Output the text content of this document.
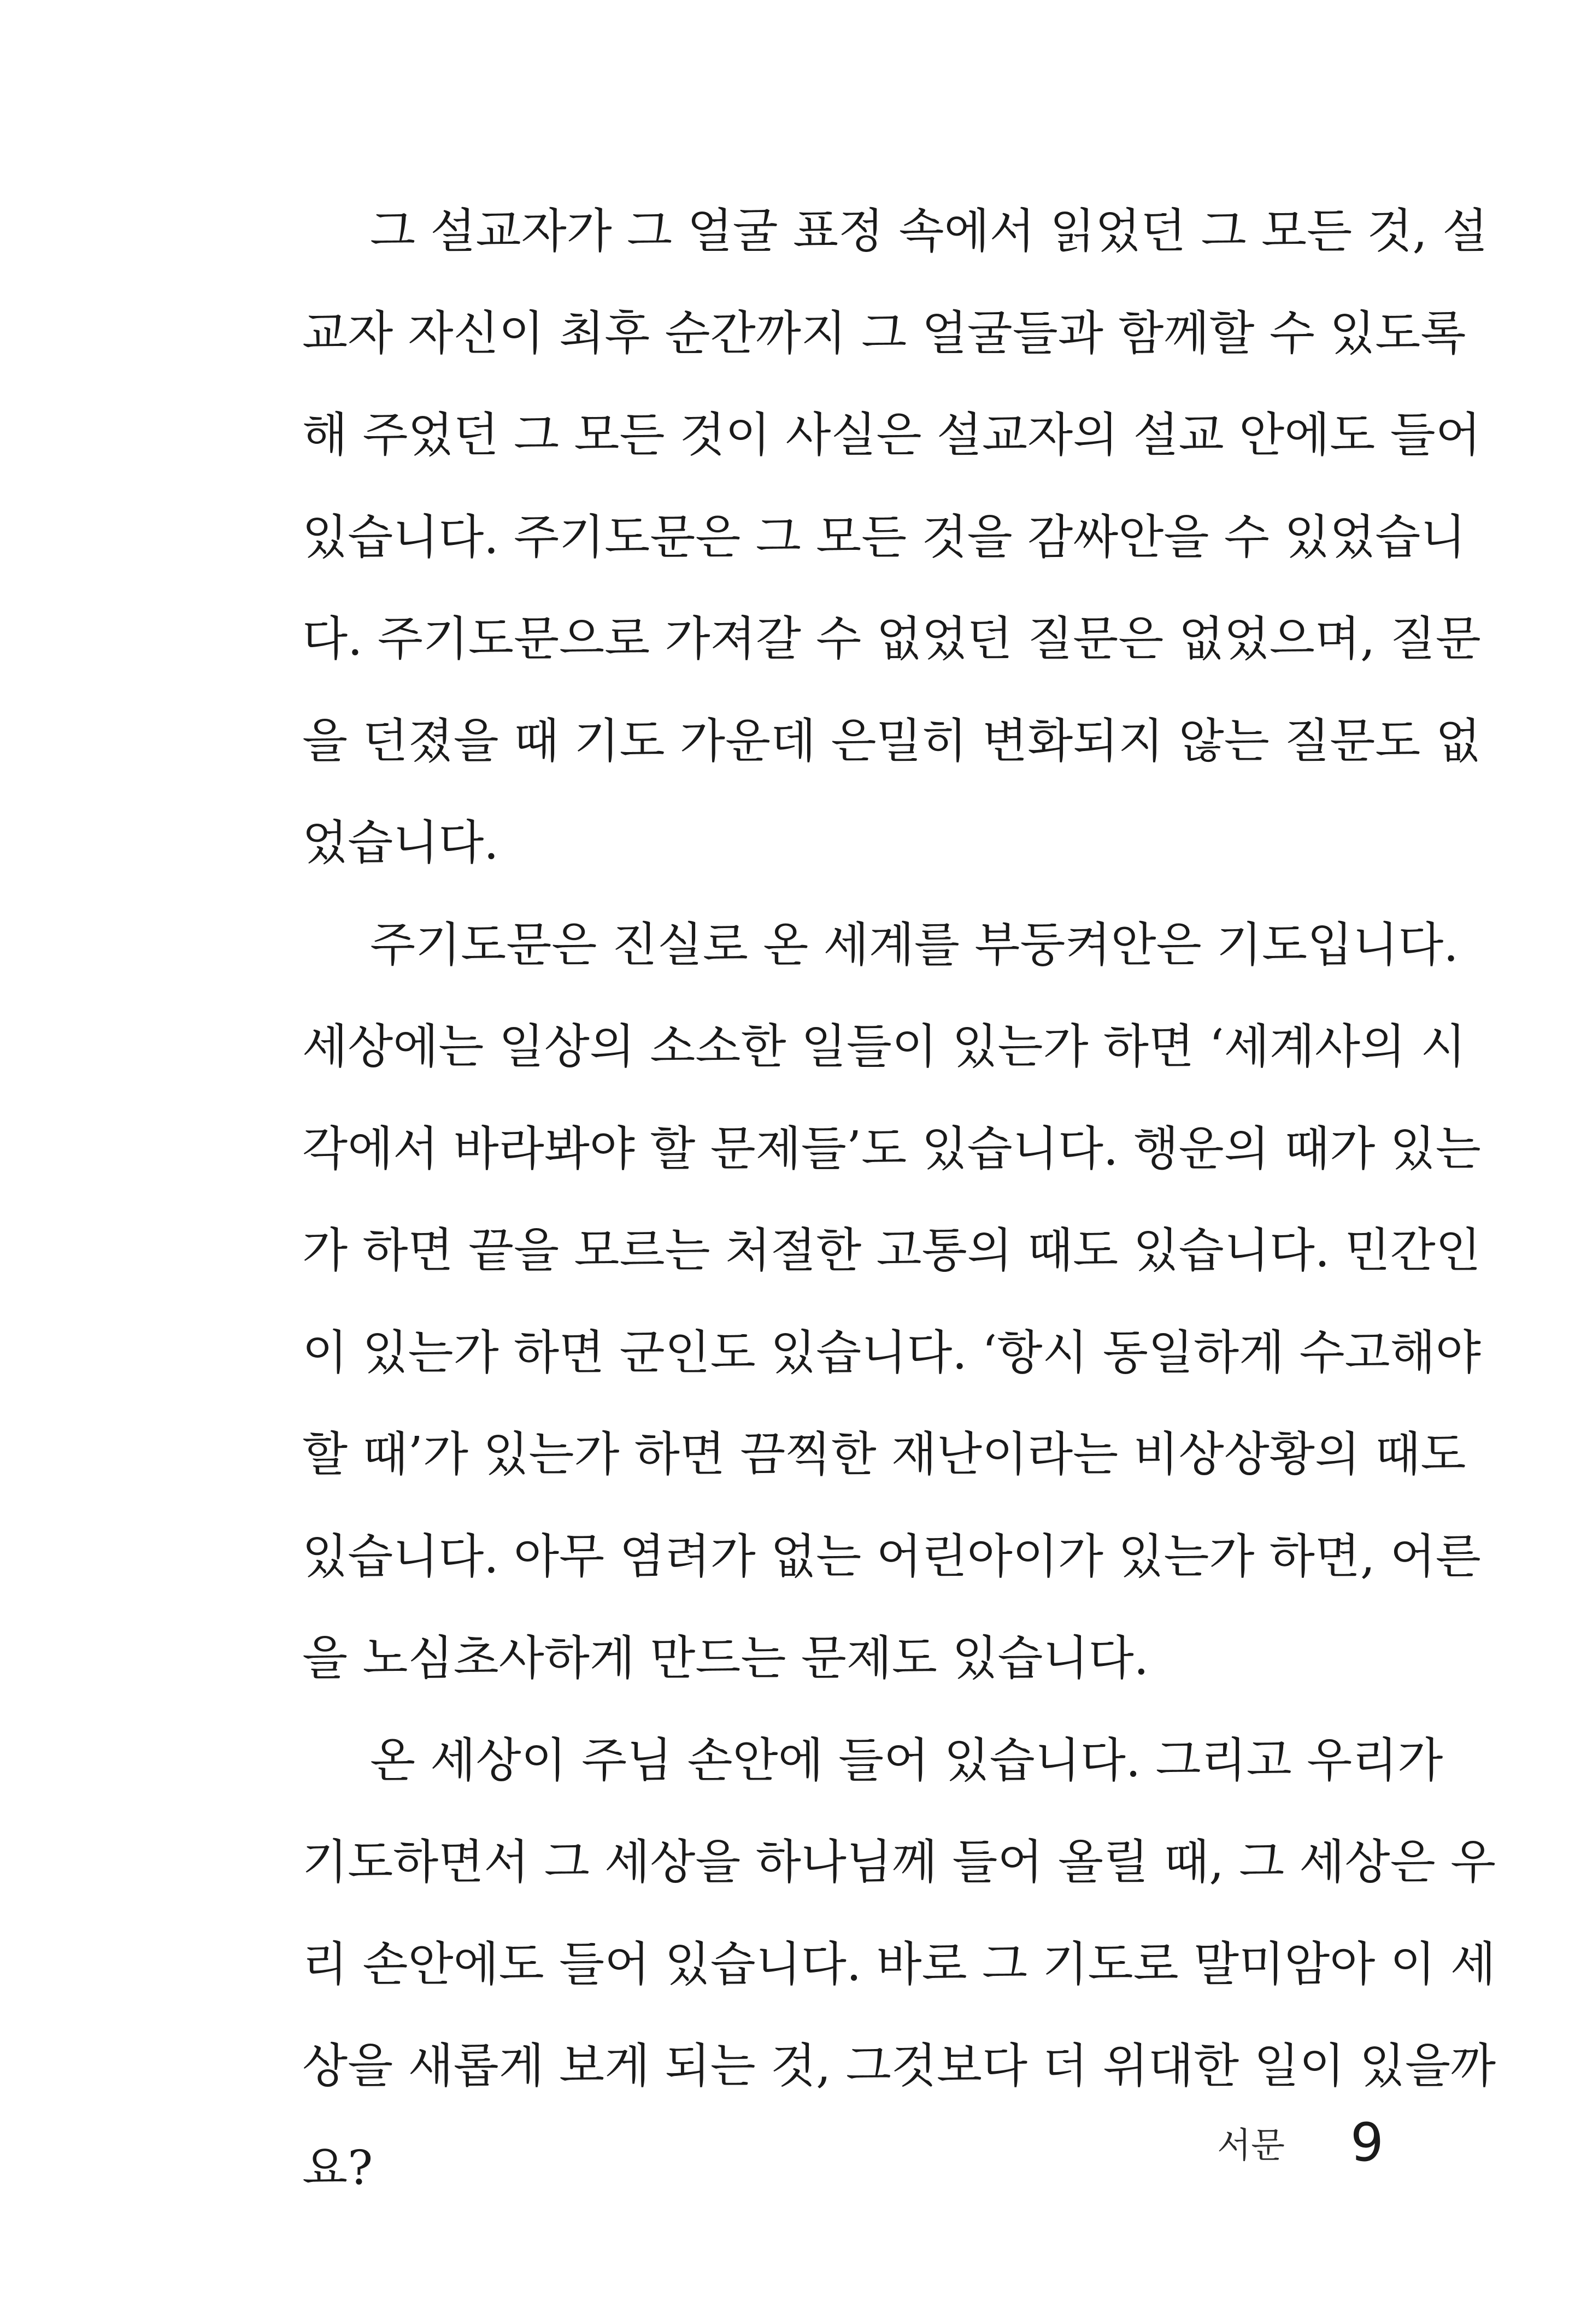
그 설교자가 그 얼굴 표정 속에서 읽었던 그 모든 것, 설
교자 자신이 최후 순간까지 그 얼굴들과 함께할 수 있도록
해 주었던 그 모든 것이 사실은 설교자의 설교 안에도 들어
있습니다. 주기도문은 그 모든 것을 감싸안을 수 있었습니
다. 주기도문으로 가져갈 수 없었던 질문은 없었으며, 질문
을 던졌을 때 기도 가운데 은밀히 변화되지 않는 질문도 없
었습니다.
주기도문은 진실로 온 세계를 부둥켜안은 기도입니다.
세상에는 일상의 소소한 일들이 있는가 하면 ‘세계사의 시
각에서 바라봐야 할 문제들’도 있습니다. 행운의 때가 있는
가 하면 끝을 모르는 처절한 고통의 때도 있습니다. 민간인
이 있는가 하면 군인도 있습니다. ‘항시 동일하게 수고해야
할 때’가 있는가 하면 끔찍한 재난이라는 비상상황의 때도
있습니다. 아무 염려가 없는 어린아이가 있는가 하면, 어른
을 노심초사하게 만드는 문제도 있습니다.
온 세상이 주님 손안에 들어 있습니다. 그리고 우리가
기도하면서 그 세상을 하나님께 들어 올릴 때, 그 세상은 우
리 손안에도 들어 있습니다. 바로 그 기도로 말미암아 이 세
상을 새롭게 보게 되는 것, 그것보다 더 위대한 일이 있을까
요?	서문 9
